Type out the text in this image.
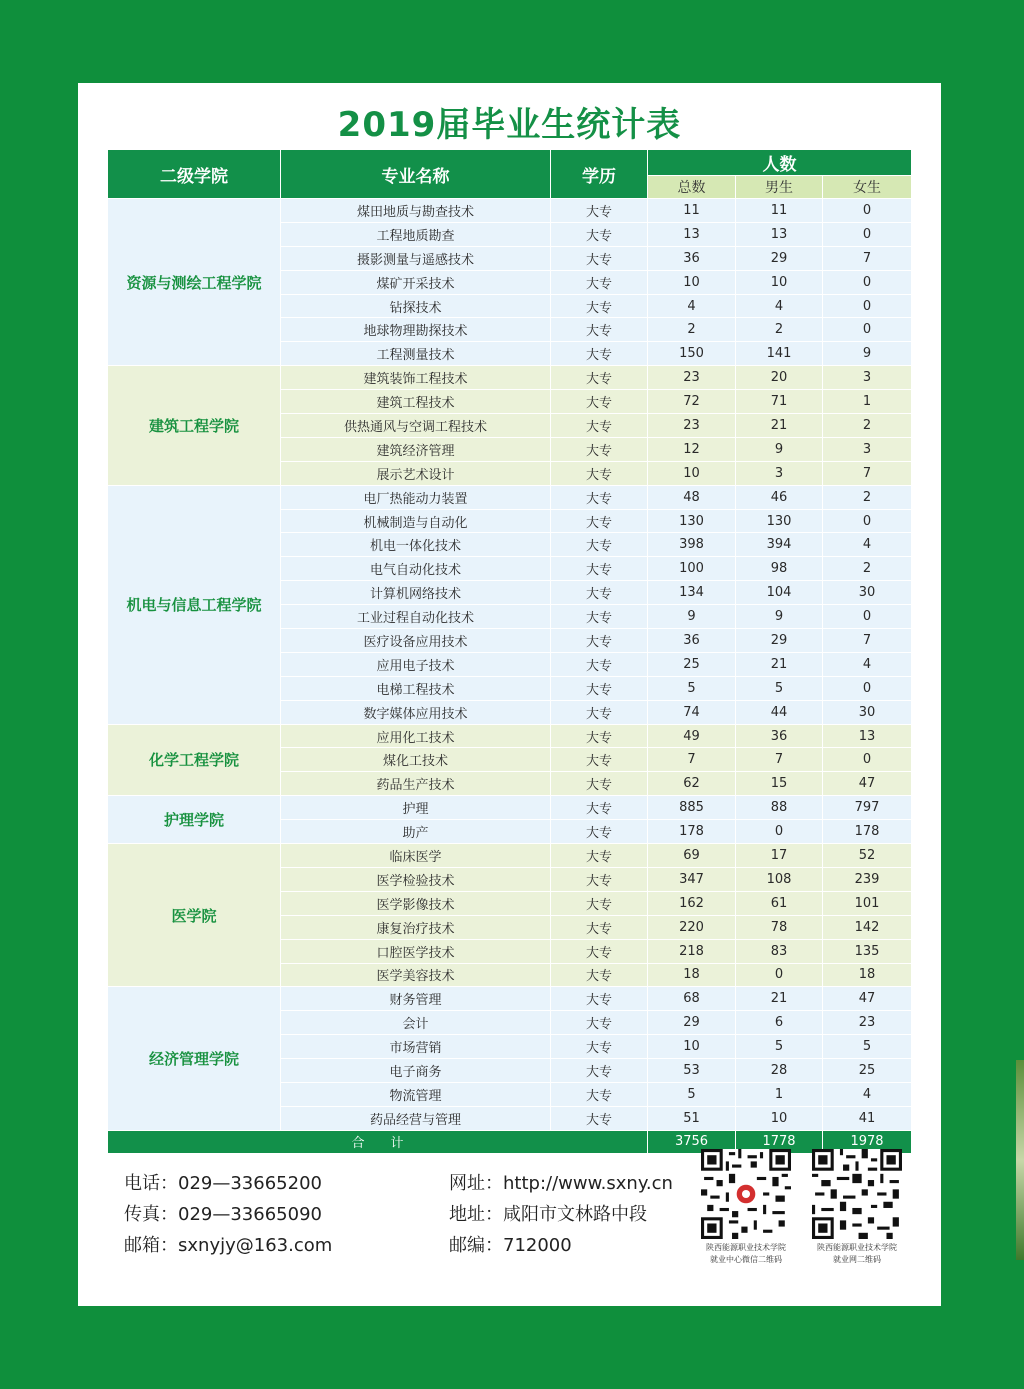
2019届毕业生统计表
二级学院	专业名称	学历	人数		
			总数	男生	女生
资源与测绘工程学院	煤田地质与勘查技术	大专	11	11	0
	工程地质勘查	大专	13	13	0
	摄影测量与遥感技术	大专	36	29	7
	煤矿开采技术	大专	10	10	0
	钻探技术	大专	4	4	0
	地球物理勘探技术	大专	2	2	0
	工程测量技术	大专	150	141	9
建筑工程学院	建筑装饰工程技术	大专	23	20	3
	建筑工程技术	大专	72	71	1
	供热通风与空调工程技术	大专	23	21	2
	建筑经济管理	大专	12	9	3
	展示艺术设计	大专	10	3	7
机电与信息工程学院	电厂热能动力装置	大专	48	46	2
	机械制造与自动化	大专	130	130	0
	机电一体化技术	大专	398	394	4
	电气自动化技术	大专	100	98	2
	计算机网络技术	大专	134	104	30
	工业过程自动化技术	大专	9	9	0
	医疗设备应用技术	大专	36	29	7
	应用电子技术	大专	25	21	4
	电梯工程技术	大专	5	5	0
	数字媒体应用技术	大专	74	44	30
化学工程学院	应用化工技术	大专	49	36	13
	煤化工技术	大专	7	7	0
	药品生产技术	大专	62	15	47
护理学院	护理	大专	885	88	797
	助产	大专	178	0	178
医学院	临床医学	大专	69	17	52
	医学检验技术	大专	347	108	239
	医学影像技术	大专	162	61	101
	康复治疗技术	大专	220	78	142
	口腔医学技术	大专	218	83	135
	医学美容技术	大专	18	0	18
经济管理学院	财务管理	大专	68	21	47
	会计	大专	29	6	23
	市场营销	大专	10	5	5
	电子商务	大专	53	28	25
	物流管理	大专	5	1	4
	药品经营与管理	大专	51	10	41
合　　计			3756	1778	1978
电话：029—33665200
传真：029—33665090
邮箱：sxnyjy@163.com
网址：http://www.sxny.cn
地址：咸阳市文林路中段
邮编：712000	陕西能源职业技术学院
就业中心微信二维码
陕西能源职业技术学院
就业网二维码
